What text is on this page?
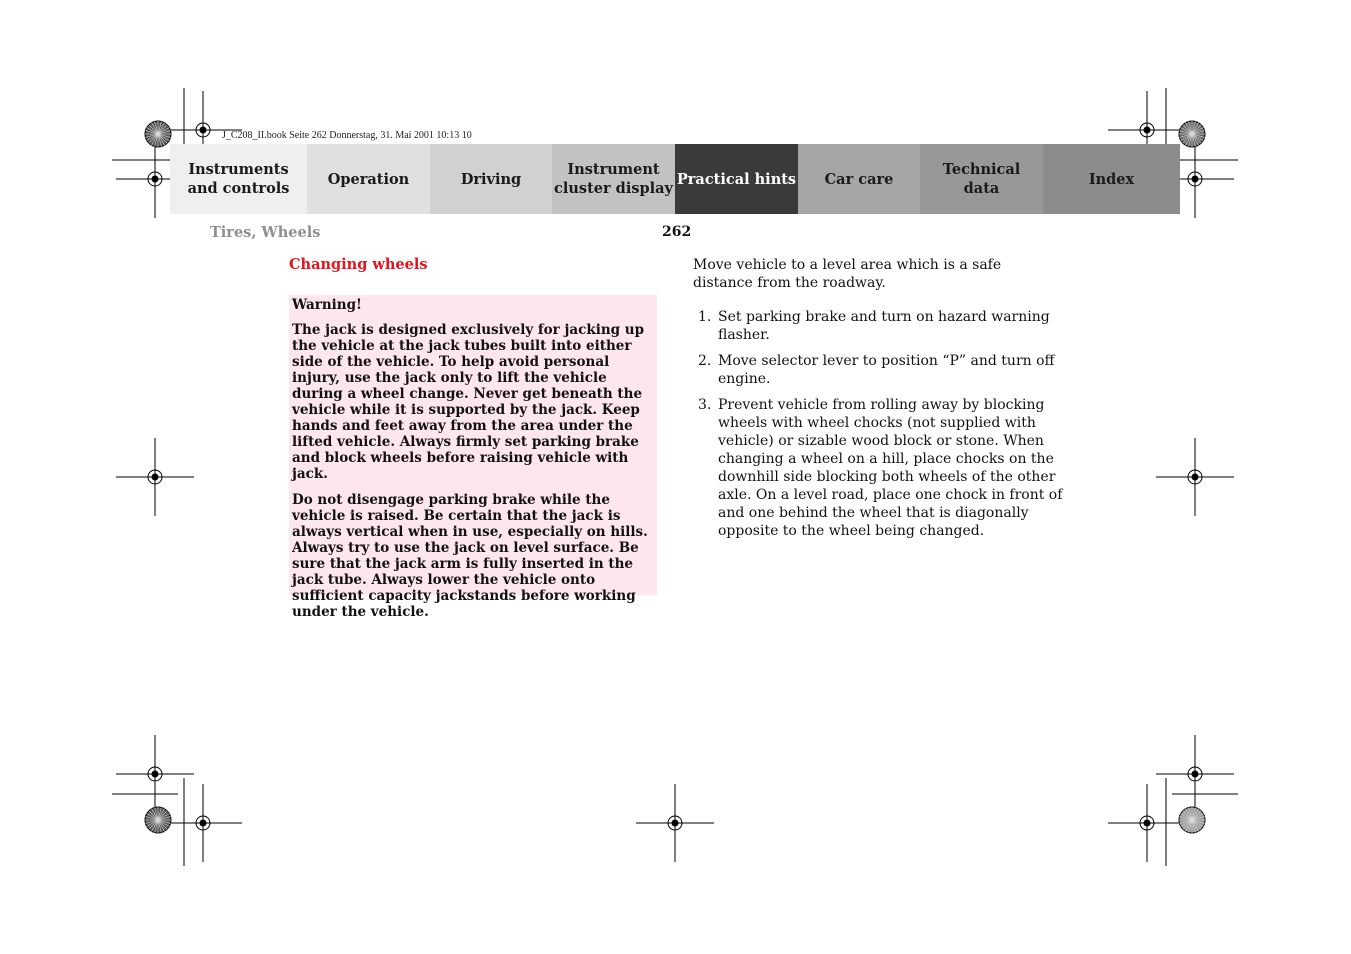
J_C208_II.book Seite 262 Donnerstag, 31. Mai 2001 10:13 10
Instruments
and controls
Operation	Driving
Instrument
cluster display
Practical hints	Car care
Technical
data
Index
Tires, Wheels	262
Changing wheels

Warning!

The jack is designed exclusively for jacking up the vehicle at the jack tubes built into either side of the vehicle. To help avoid personal injury, use the jack only to lift the vehicle during a wheel change. Never get beneath the vehicle while it is supported by the jack. Keep hands and feet away from the area under the lifted vehicle. Always firmly set parking brake and block wheels before raising vehicle with jack.

Do not disengage parking brake while the vehicle is raised. Be certain that the jack is always vertical when in use, especially on hills. Always try to use the jack on level surface. Be sure that the jack arm is fully inserted in the jack tube. Always lower the vehicle onto sufficient capacity jackstands before working under the vehicle.

Move vehicle to a level area which is a safe distance from the roadway.

1. Set parking brake and turn on hazard warning flasher.
2. Move selector lever to position “P” and turn off engine.
3. Prevent vehicle from rolling away by blocking wheels with wheel chocks (not supplied with vehicle) or sizable wood block or stone. When changing a wheel on a hill, place chocks on the downhill side blocking both wheels of the other axle. On a level road, place one chock in front of and one behind the wheel that is diagonally opposite to the wheel being changed.
